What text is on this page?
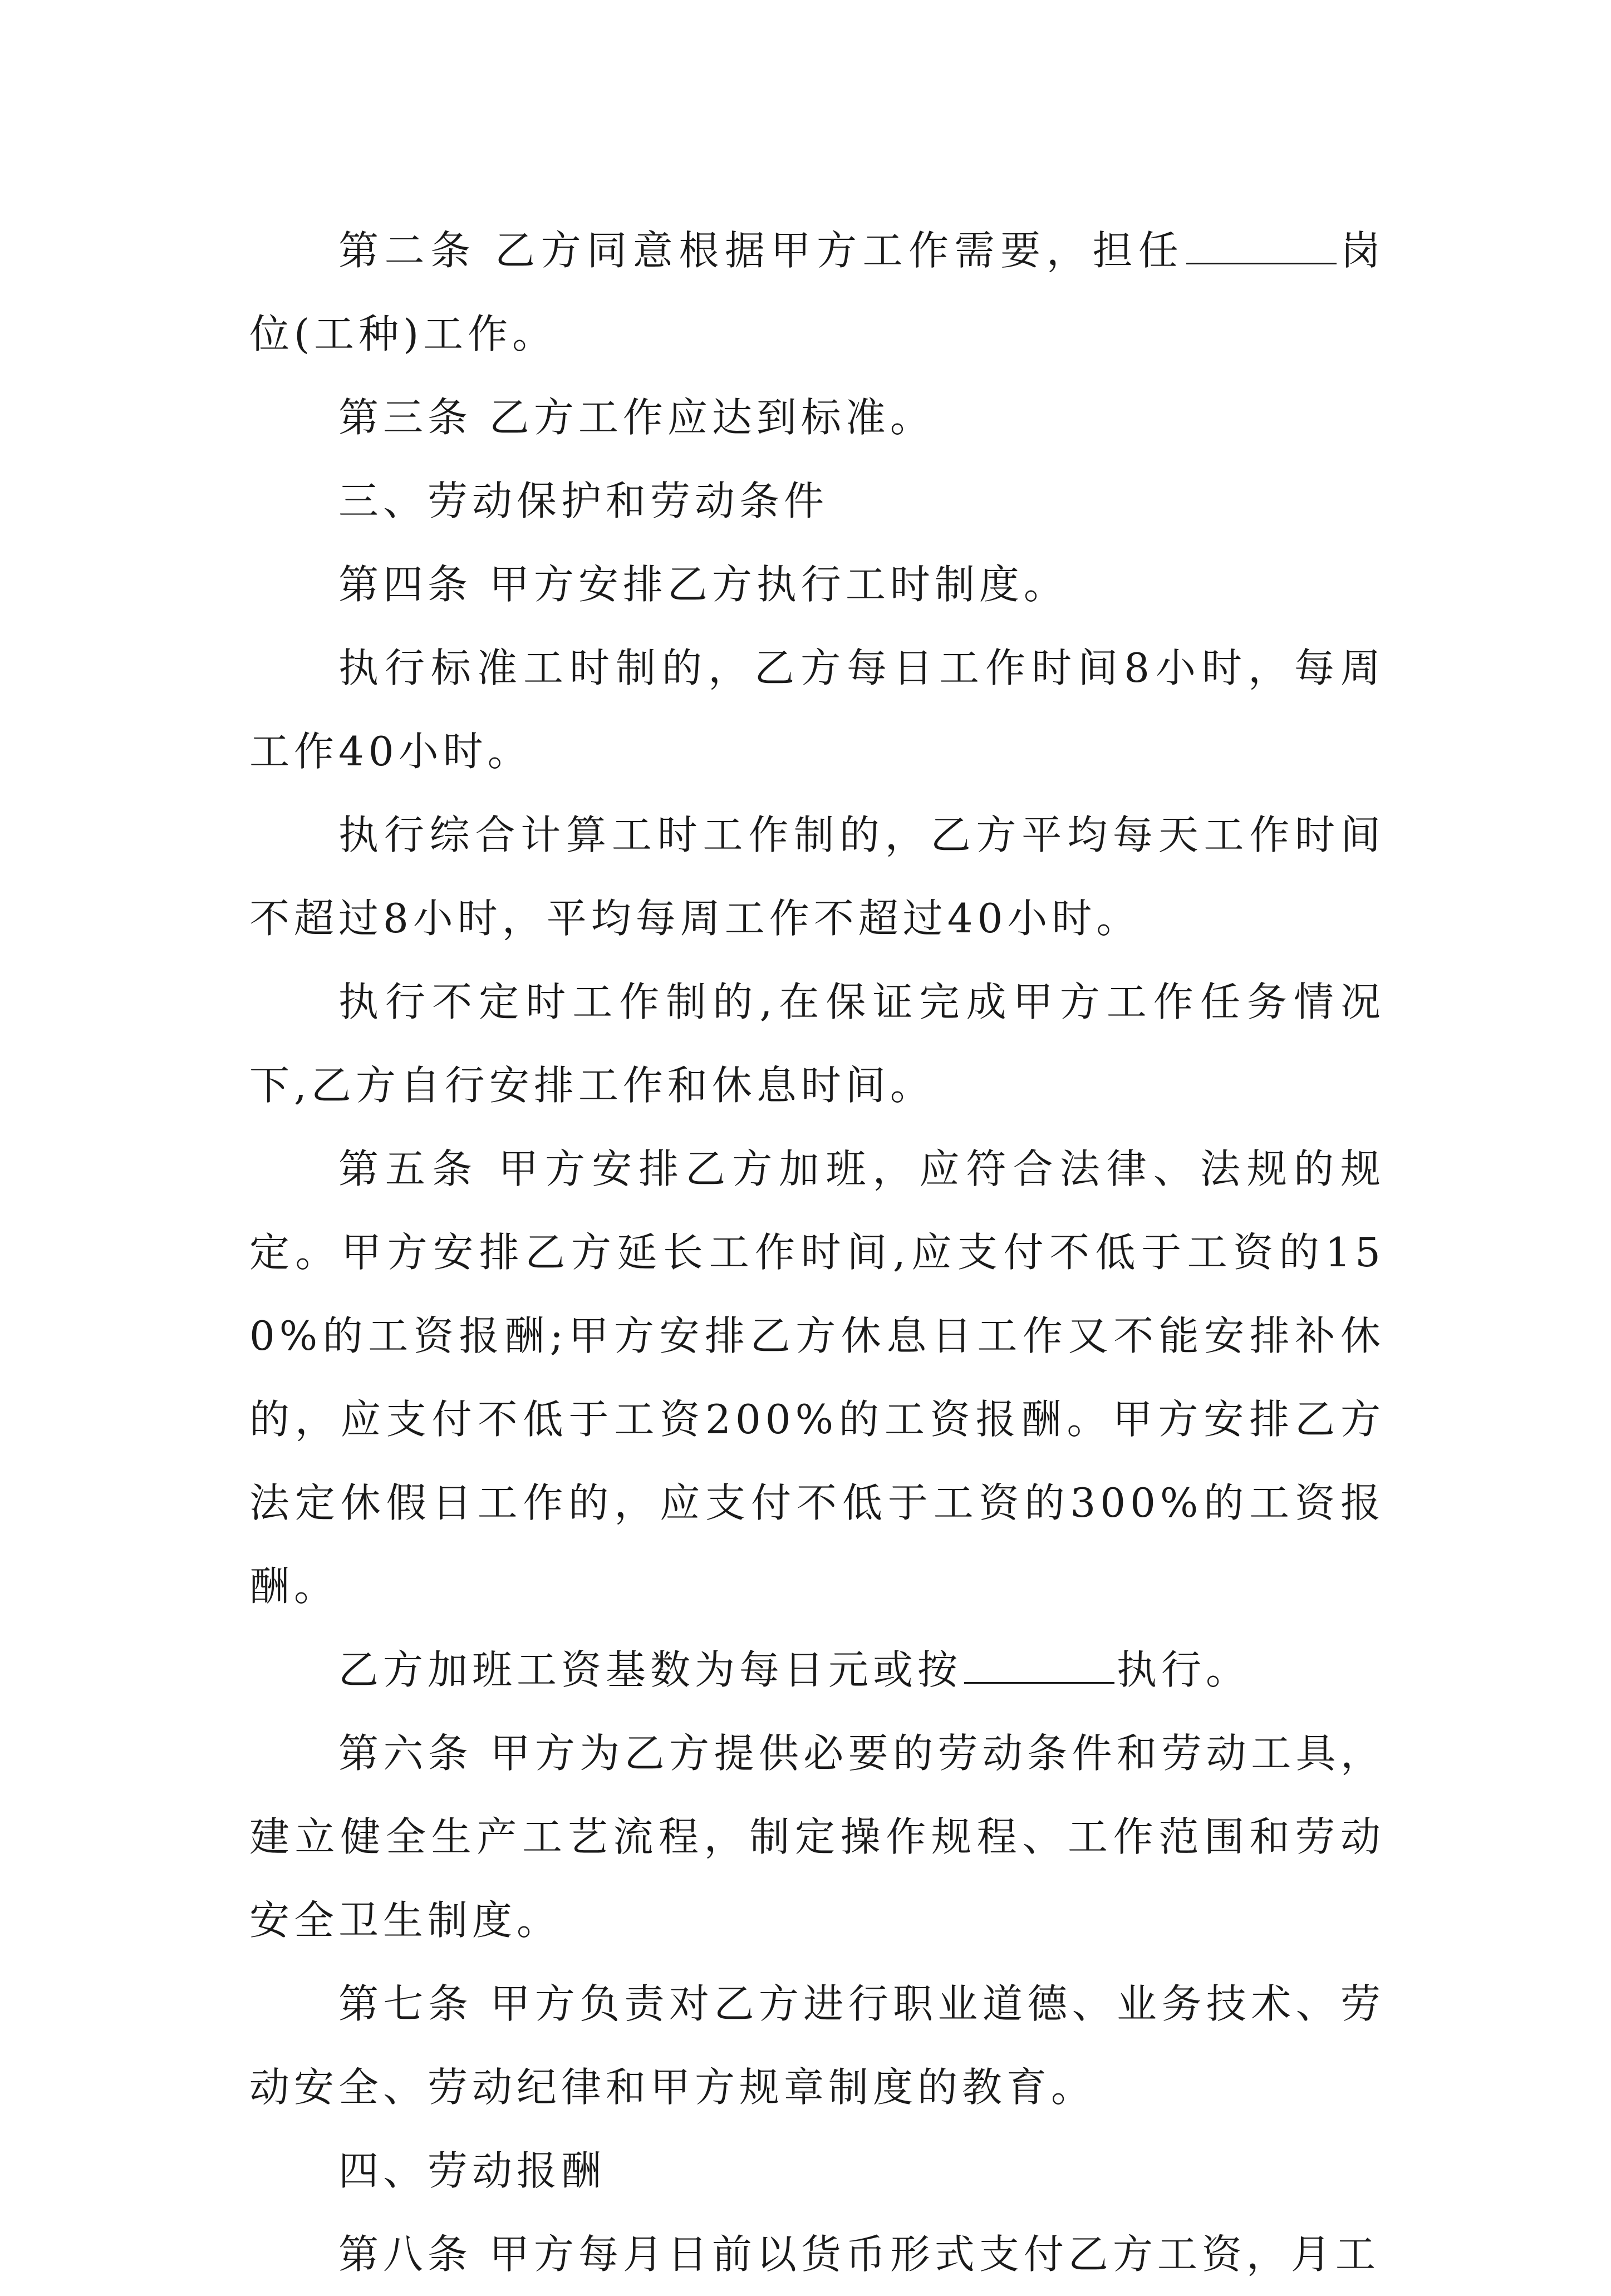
第二条 乙方同意根据甲方工作需要，担任	岗位(工种)工作。

第三条 乙方工作应达到标准。

三、劳动保护和劳动条件

第四条 甲方安排乙方执行工时制度。

执行标准工时制的，乙方每日工作时间8小时，每周工作40小时。

执行综合计算工时工作制的，乙方平均每天工作时间不超过8小时，平均每周工作不超过40小时。

执行不定时工作制的,在保证完成甲方工作任务情况下,乙方自行安排工作和休息时间。

第五条 甲方安排乙方加班，应符合法律、法规的规定。甲方安排乙方延长工作时间,应支付不低于工资的150%的工资报酬;甲方安排乙方休息日工作又不能安排补休的，应支付不低于工资200%的工资报酬。甲方安排乙方法定休假日工作的，应支付不低于工资的300%的工资报酬。

乙方加班工资基数为每日元或按	执行。

第六条 甲方为乙方提供必要的劳动条件和劳动工具，建立健全生产工艺流程，制定操作规程、工作范围和劳动安全卫生制度。

第七条 甲方负责对乙方进行职业道德、业务技术、劳动安全、劳动纪律和甲方规章制度的教育。

四、劳动报酬

第八条 甲方每月日前以货币形式支付乙方工资，月工
